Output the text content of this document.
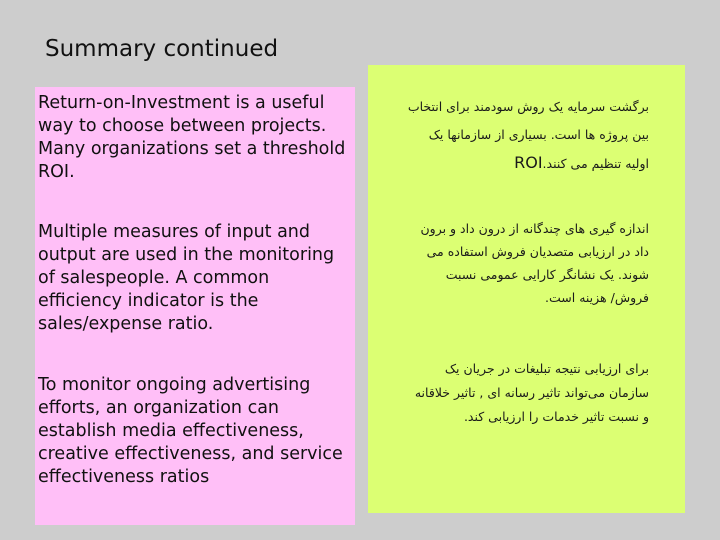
Summary continued
Return-on-Investment is a useful way to choose between projects. Many organizations set a threshold ROI.
Multiple measures of input and output are used in the monitoring of salespeople. A common efficiency indicator is the sales/expense ratio.
To monitor ongoing advertising efforts, an organization can establish media effectiveness, creative effectiveness, and service effectiveness ratios
برگشت سرمایه یک روش سودمند برای انتخاب
بین پروژه ها است. بسیاری از سازمانها یک
اولیه تنظیم می کنند.ROI
اندازه گیری های چندگانه از درون داد و برون
داد در ارزیابی متصدیان فروش استفاده می
شوند. یک نشانگر کارایی عمومی نسبت
فروش/ هزینه است.
برای ارزیابی نتیجه تبلیغات در جریان یک
سازمان می‌تواند تاثیر رسانه ای , تاثیر خلاقانه
و نسبت تاثیر خدمات را ارزیابی کند.
